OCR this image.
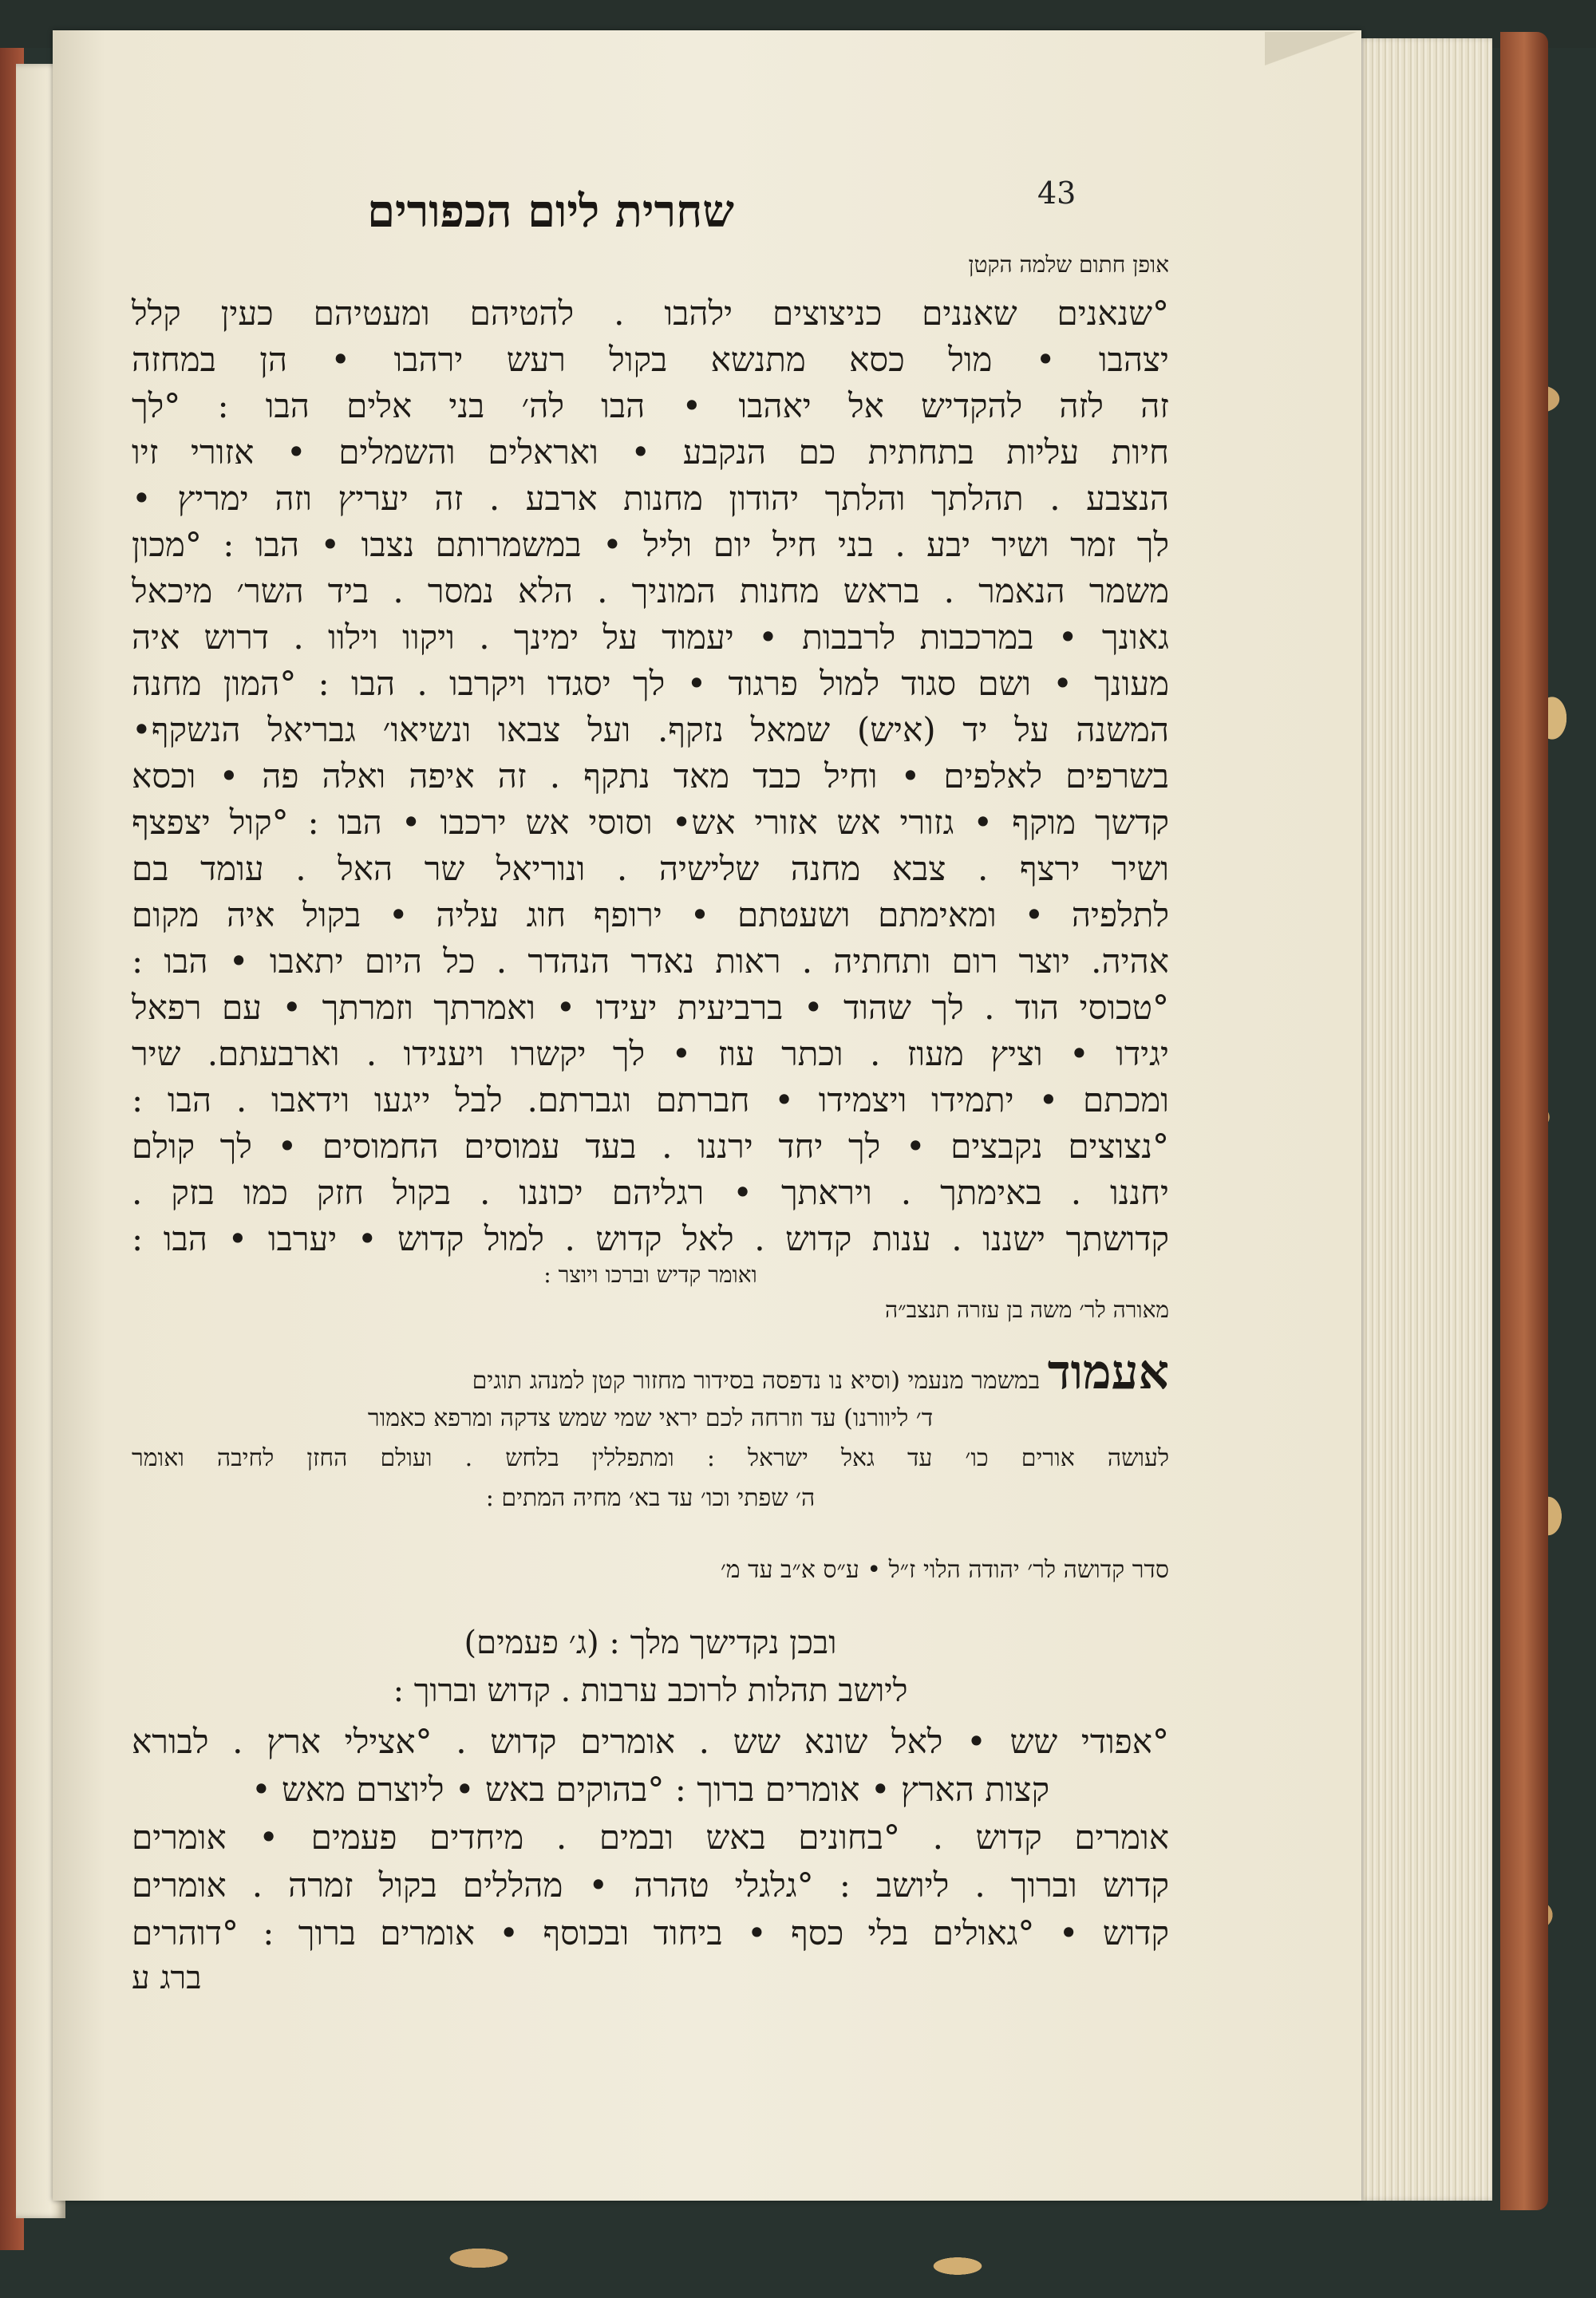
43
שחרית ליום הכפורים
אופן חתום שלמה הקטן
°שנאנים שאננים כניצוצים ילהבו . להטיהם ומעטיהם כעין קלל
יצהבו • מול כסא מתנשא בקול רעש ירהבו • הן במחזה
זה לזה להקדיש אל יאהבו • הבו לה׳ בני אלים הבו : °לך
חיות עליות בתחתית כם הנקבע • ואראלים והשמלים • אזורי זיו
הנצבע . תהלתך והלתך יהודון מחנות ארבע . זה יעריץ וזה ימריץ •
לך זמר ושיר יבע . בני חיל יום וליל • במשמרותם נצבו • הבו : °מכון
משמר הנאמר . בראש מחנות המוניך . הלא נמסר . ביד השר׳ מיכאל
גאונך • במרכבות לרבבות • יעמוד על ימינך . ויקוו וילוו . דרוש איה
מעונך • ושם סגוד למול פרגוד • לך יסגדו ויקרבו . הבו : °המון מחנה
המשנה על יד (איש) שמאל נזקף. ועל צבאו ונשיאו׳ גבריאל הנשקף•
בשרפים לאלפים • וחיל כבד מאד נתקף . זה איפה ואלה פה • וכסא
קדשך מוקף • גזורי אש אזורי אש• וסוסי אש ירכבו • הבו : °קול יצפצף
ושיר ירצף . צבא מחנה שלישיה . ונוריאל שר האל . עומד בם
לתלפיה • ומאימתם ושעטתם • ירופף חוג עליה • בקול איה מקום
אהיה. יוצר רום ותחתיה . ראות נאדר הנהדר . כל היום יתאבו • הבו :
°טכוסי הוד . לך שהוד • ברביעית יעידו • ואמרתך וזמרתך • עם רפאל
יגידו • וציץ מעוז . וכתר עוז • לך יקשרו ויענידו . וארבעתם. שיר
ומכתם • יתמידו ויצמידו • חברתם וגברתם. לבל ייגעו וידאבו . הבו :
°נצוצים נקבצים • לך יחד ירננו . בעד עמוסים החמוסים • לך קולם
יחננו . באימתך . ויראתך • רגליהם יכוננו . בקול חזק כמו בזק .
קדושתך ישננו . ענות קדוש . לאל קדוש . למול קדוש • יערבו • הבו :
ואומר קדיש וברכו ויוצר :
מאורה לר׳ משה בן עזרה תנצב״ה
אעמוד במשמר מנעמי (וסיא נו נדפסה בסידור מחזור קטן למנהג תוגים
ד׳ ליוורנו) עד וזרחה לכם יראי שמי שמש צדקה ומרפא כאמור
לעושה אורים כו׳ עד גאל ישראל : ומתפללין בלחש . ועולם החזן לחיבה ואומר
ה׳ שפתי וכו׳ עד בא׳ מחיה המתים :
סדר קדושה לר׳ יהודה הלוי ז״ל • ע״ס א״ב עד מ׳
ובכן נקדישך מלך : (ג׳ פעמים)
ליושב תהלות לרוכב ערבות . קדוש וברוך :
°אפודי שש • לאל שונא שש . אומרים קדוש . °אצילי ארץ . לבורא
קצות הארץ • אומרים ברוך : °בהוקים באש • ליוצרם מאש •
אומרים קדוש . °בחונים באש ובמים . מיחדים פעמים • אומרים
קדוש וברוך . ליושב : °גלגלי טהרה • מהללים בקול זמרה . אומרים
קדוש • °גאולים בלי כסף • ביחוד ובכוסף • אומרים ברוך : °דוהרים
ברג ע
